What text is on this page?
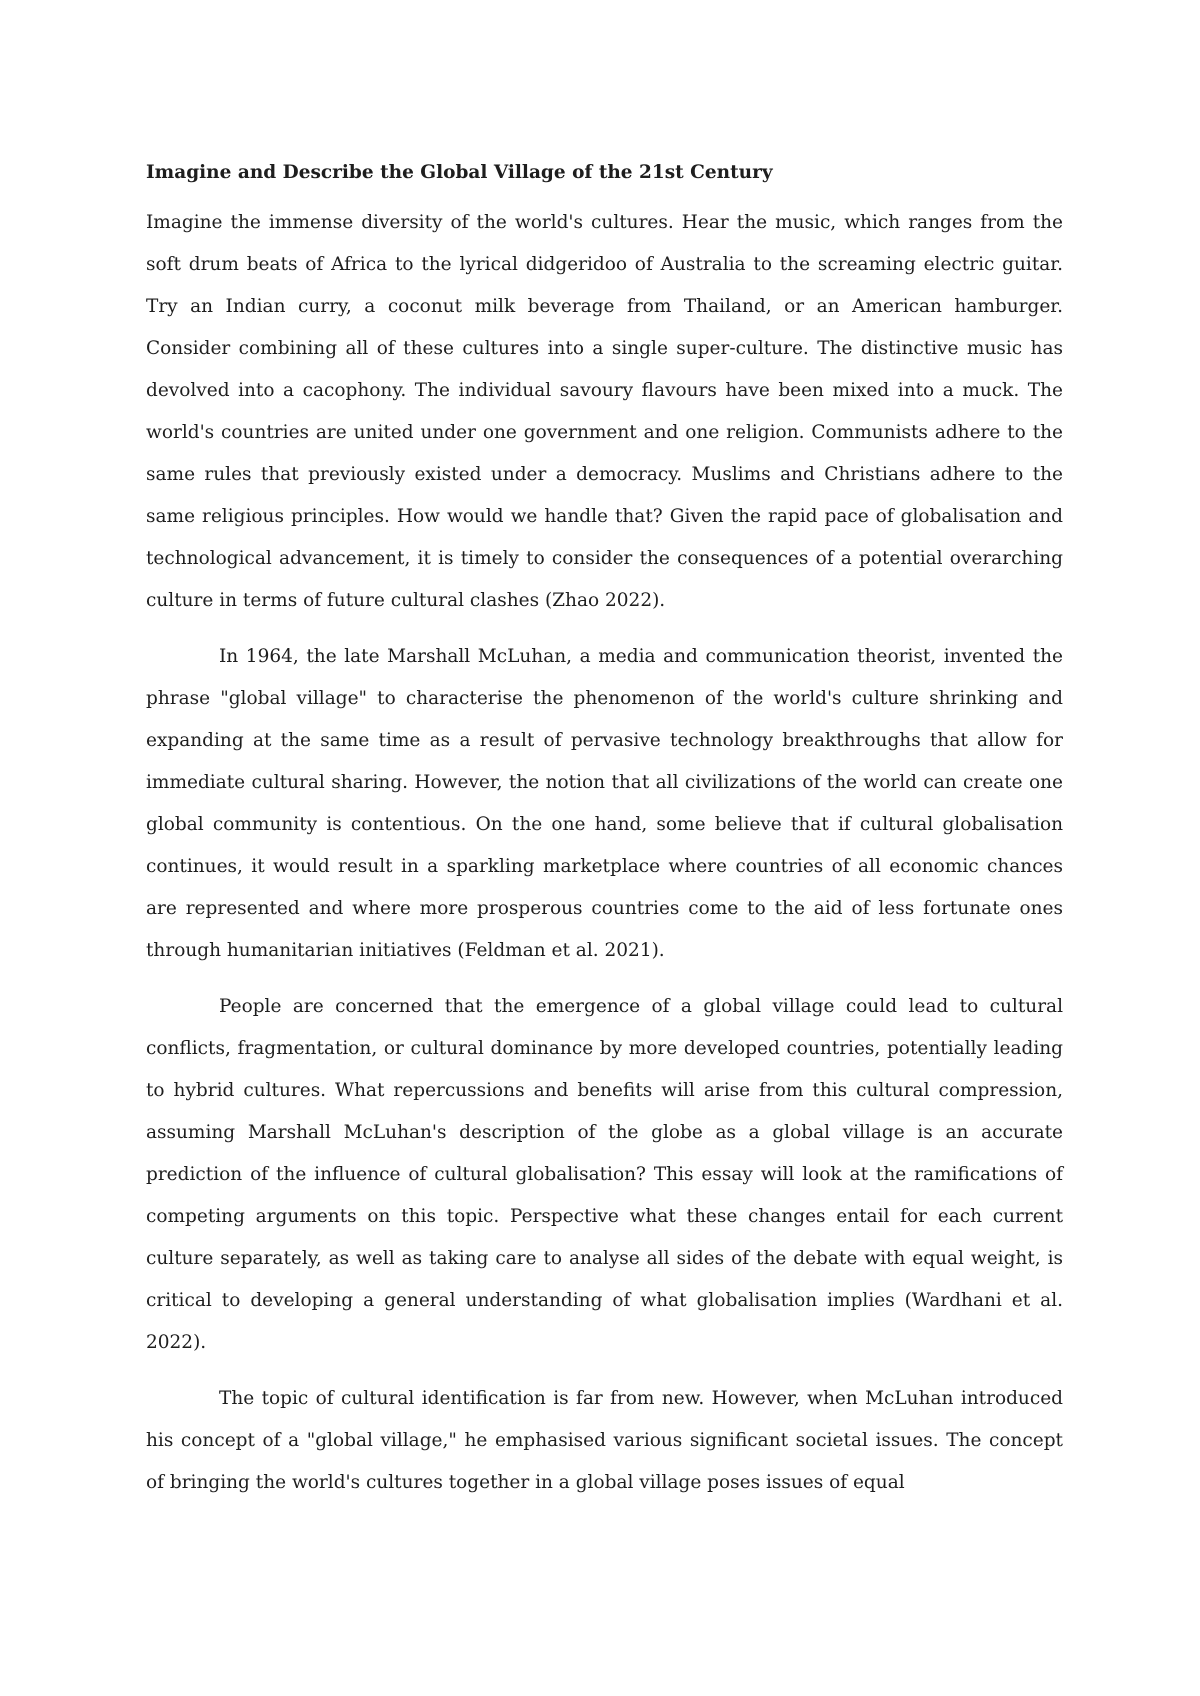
Imagine and Describe the Global Village of the 21st Century

Imagine the immense diversity of the world's cultures. Hear the music, which ranges from the soft drum beats of Africa to the lyrical didgeridoo of Australia to the screaming electric guitar. Try an Indian curry, a coconut milk beverage from Thailand, or an American hamburger. Consider combining all of these cultures into a single super-culture. The distinctive music has devolved into a cacophony. The individual savoury flavours have been mixed into a muck. The world's countries are united under one government and one religion. Communists adhere to the same rules that previously existed under a democracy. Muslims and Christians adhere to the same religious principles. How would we handle that? Given the rapid pace of globalisation and technological advancement, it is timely to consider the consequences of a potential overarching culture in terms of future cultural clashes (Zhao 2022).

In 1964, the late Marshall McLuhan, a media and communication theorist, invented the phrase "global village" to characterise the phenomenon of the world's culture shrinking and expanding at the same time as a result of pervasive technology breakthroughs that allow for immediate cultural sharing. However, the notion that all civilizations of the world can create one global community is contentious. On the one hand, some believe that if cultural globalisation continues, it would result in a sparkling marketplace where countries of all economic chances are represented and where more prosperous countries come to the aid of less fortunate ones through humanitarian initiatives (Feldman et al. 2021).

People are concerned that the emergence of a global village could lead to cultural conflicts, fragmentation, or cultural dominance by more developed countries, potentially leading to hybrid cultures. What repercussions and benefits will arise from this cultural compression, assuming Marshall McLuhan's description of the globe as a global village is an accurate prediction of the influence of cultural globalisation? This essay will look at the ramifications of competing arguments on this topic. Perspective what these changes entail for each current culture separately, as well as taking care to analyse all sides of the debate with equal weight, is critical to developing a general understanding of what globalisation implies (Wardhani et al. 2022).

The topic of cultural identification is far from new. However, when McLuhan introduced his concept of a "global village," he emphasised various significant societal issues. The concept of bringing the world's cultures together in a global village poses issues of equal
